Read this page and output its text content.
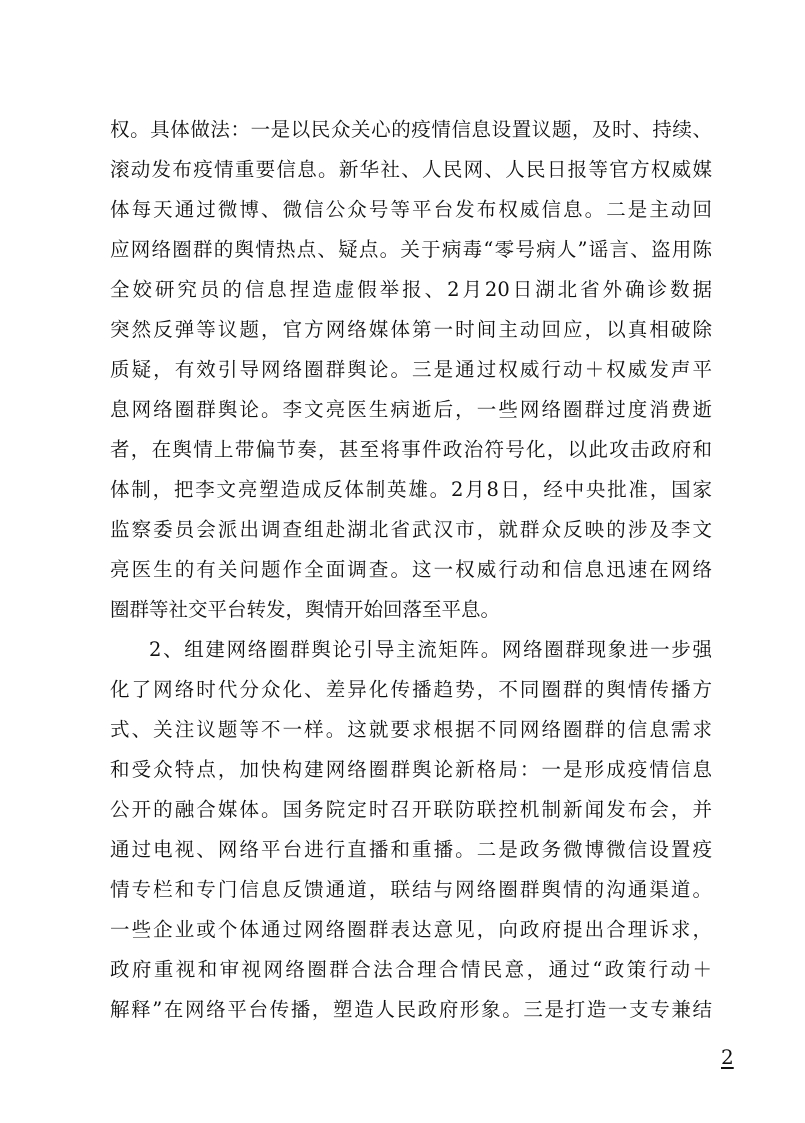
权。具体做法：一是以民众关心的疫情信息设置议题，及时、持续、
滚动发布疫情重要信息。新华社、人民网、人民日报等官方权威媒
体每天通过微博、微信公众号等平台发布权威信息。二是主动回
应网络圈群的舆情热点、疑点。关于病毒“零号病人”谣言、盗用陈
全姣研究员的信息捏造虚假举报、2月20日湖北省外确诊数据
突然反弹等议题，官方网络媒体第一时间主动回应，以真相破除
质疑，有效引导网络圈群舆论。三是通过权威行动＋权威发声平
息网络圈群舆论。李文亮医生病逝后，一些网络圈群过度消费逝
者，在舆情上带偏节奏，甚至将事件政治符号化，以此攻击政府和
体制，把李文亮塑造成反体制英雄。2月8日，经中央批准，国家
监察委员会派出调查组赴湖北省武汉市，就群众反映的涉及李文
亮医生的有关问题作全面调查。这一权威行动和信息迅速在网络
圈群等社交平台转发，舆情开始回落至平息。
2、组建网络圈群舆论引导主流矩阵。网络圈群现象进一步强
化了网络时代分众化、差异化传播趋势，不同圈群的舆情传播方
式、关注议题等不一样。这就要求根据不同网络圈群的信息需求
和受众特点，加快构建网络圈群舆论新格局：一是形成疫情信息
公开的融合媒体。国务院定时召开联防联控机制新闻发布会，并
通过电视、网络平台进行直播和重播。二是政务微博微信设置疫
情专栏和专门信息反馈通道，联结与网络圈群舆情的沟通渠道。
一些企业或个体通过网络圈群表达意见，向政府提出合理诉求，
政府重视和审视网络圈群合法合理合情民意，通过“政策行动＋
解释”在网络平台传播，塑造人民政府形象。三是打造一支专兼结
2
